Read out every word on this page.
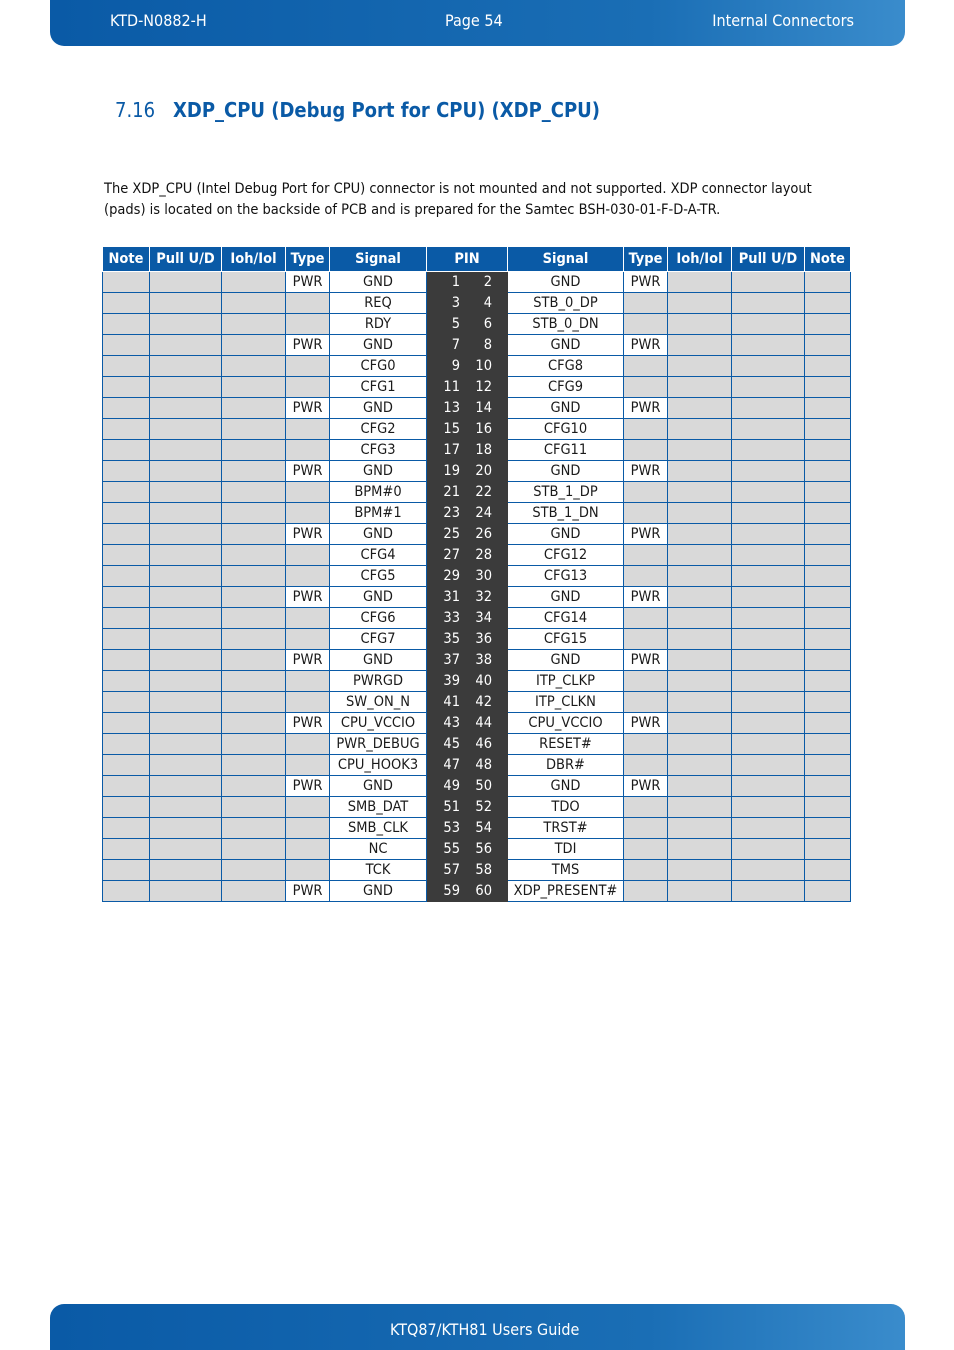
KTD-N0882-H	Page 54	Internal Connectors
7.16 XDP_CPU (Debug Port for CPU) (XDP_CPU)

The XDP_CPU (Intel Debug Port for CPU) connector is not mounted and not supported. XDP connector layout (pads) is located on the backside of PCB and is prepared for the Samtec BSH-030-01-F-D-A-TR.

Note	Pull U/D	Ioh/Iol	Type	Signal	PIN	Signal	Type	Ioh/Iol	Pull U/D	Note
			PWR	GND	1 2	GND	PWR			
				REQ	3 4	STB_0_DP				
				RDY	5 6	STB_0_DN				
			PWR	GND	7 8	GND	PWR			
				CFG0	9 10	CFG8				
				CFG1	11 12	CFG9				
			PWR	GND	13 14	GND	PWR			
				CFG2	15 16	CFG10				
				CFG3	17 18	CFG11				
			PWR	GND	19 20	GND	PWR			
				BPM#0	21 22	STB_1_DP				
				BPM#1	23 24	STB_1_DN				
			PWR	GND	25 26	GND	PWR			
				CFG4	27 28	CFG12				
				CFG5	29 30	CFG13				
			PWR	GND	31 32	GND	PWR			
				CFG6	33 34	CFG14				
				CFG7	35 36	CFG15				
			PWR	GND	37 38	GND	PWR			
				PWRGD	39 40	ITP_CLKP				
				SW_ON_N	41 42	ITP_CLKN				
			PWR	CPU_VCCIO	43 44	CPU_VCCIO	PWR			
				PWR_DEBUG	45 46	RESET#				
				CPU_HOOK3	47 48	DBR#				
			PWR	GND	49 50	GND	PWR			
				SMB_DAT	51 52	TDO				
				SMB_CLK	53 54	TRST#				
				NC	55 56	TDI				
				TCK	57 58	TMS				
			PWR	GND	59 60	XDP_PRESENT#				
KTQ87/KTH81 Users Guide
